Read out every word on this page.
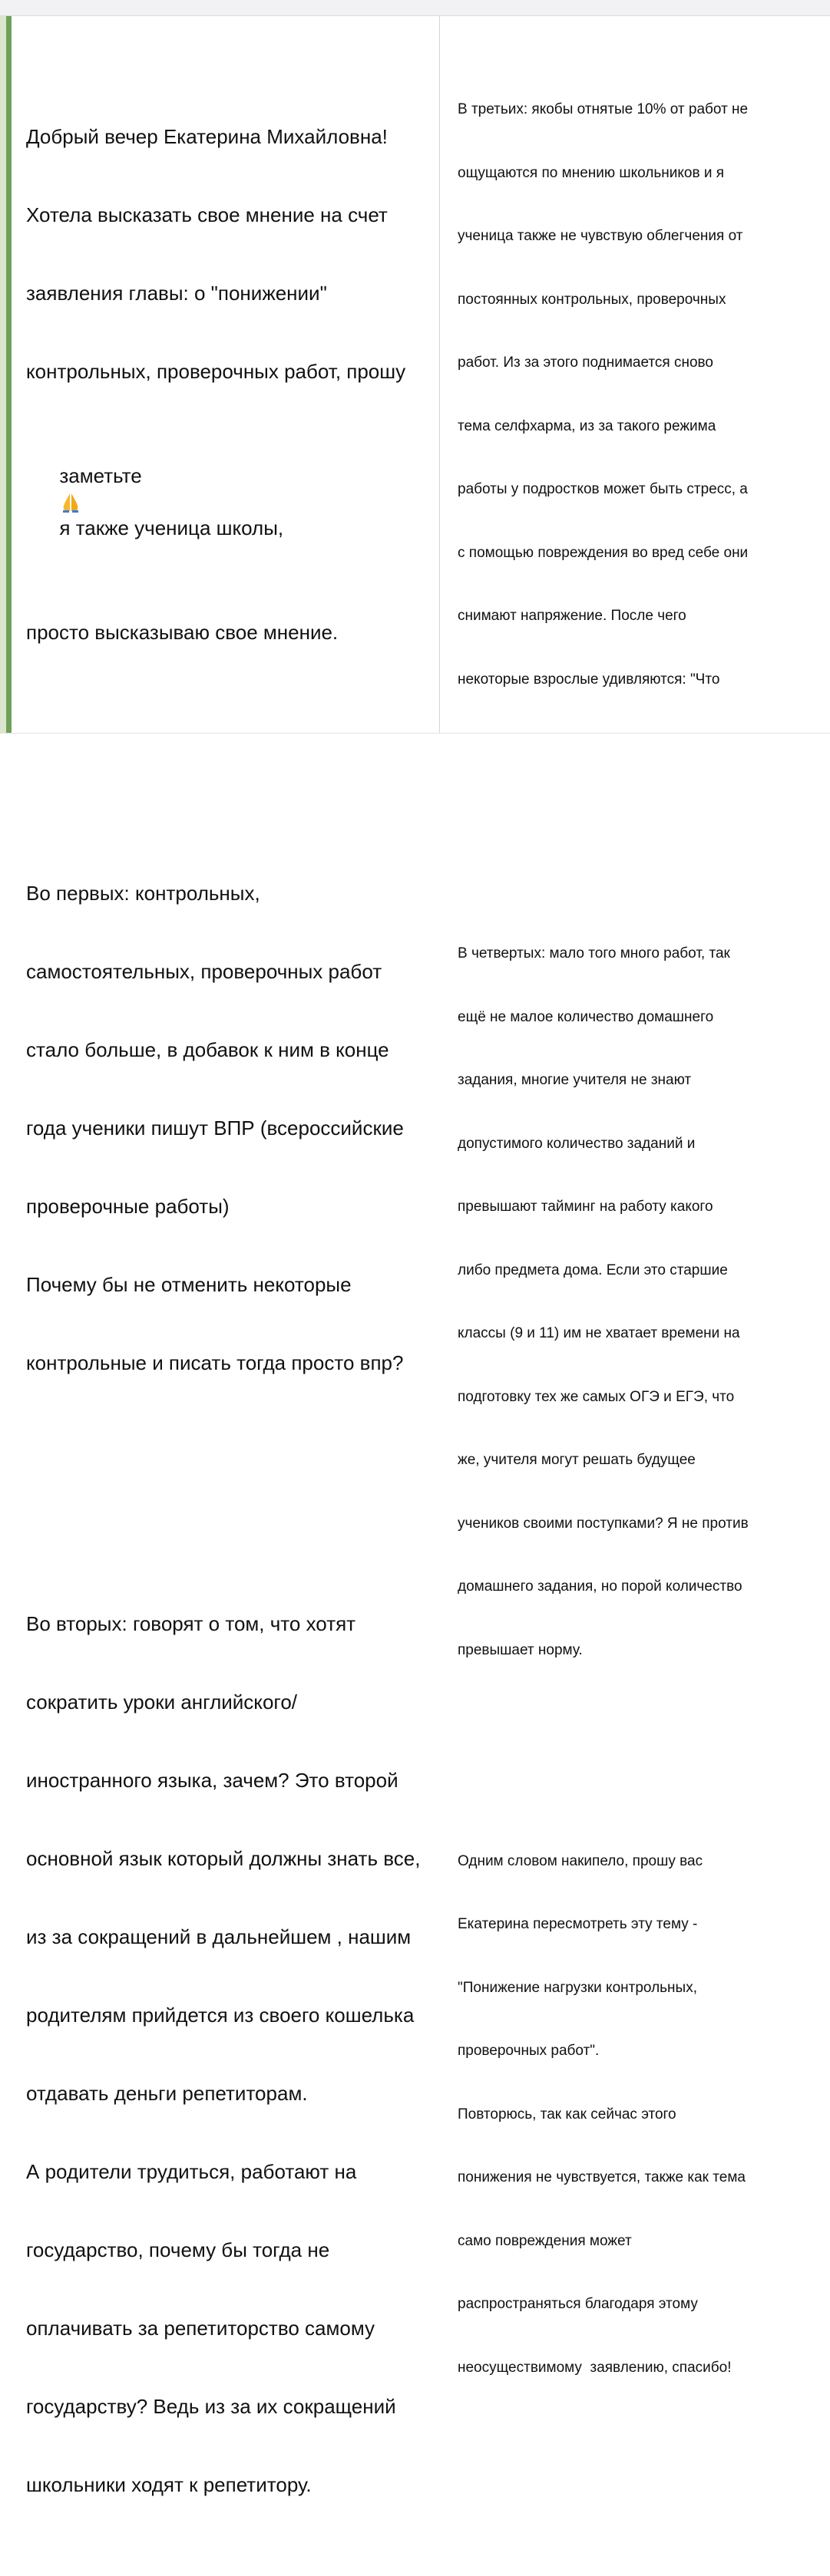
Добрый вечер Екатерина Михайловна!

Хотела высказать свое мнение на счет

заявления главы: о "понижении"

контрольных, проверочных работ, прошу

заметьте

я также ученица школы,

просто высказываю свое мнение.

Во первых: контрольных,

самостоятельных, проверочных работ

стало больше, в добавок к ним в конце

года ученики пишут ВПР (всероссийские

проверочные работы)

Почему бы не отменить некоторые

контрольные и писать тогда просто впр?

Во вторых: говорят о том, что хотят

сократить уроки английского/

иностранного языка, зачем? Это второй

основной язык который должны знать все,

из за сокращений в дальнейшем , нашим

родителям прийдется из своего кошелька

отдавать деньги репетиторам.

А родители трудиться, работают на

государство, почему бы тогда не

оплачивать за репетиторство самому

государству? Ведь из за их сокращений

школьники ходят к репетитору.

В третьих: якобы отнятые 10% от работ не

ощущаются по мнению школьников и я

ученица также не чувствую облегчения от

постоянных контрольных, проверочных

работ. Из за этого поднимается сново

тема селфхарма, из за такого режима

работы у подростков может быть стресс, а

с помощью повреждения во вред себе они

снимают напряжение. После чего

некоторые взрослые удивляются: "Что

В четвертых: мало того много работ, так

ещё не малое количество домашнего

задания, многие учителя не знают

допустимого количество заданий и

превышают тайминг на работу какого

либо предмета дома. Если это старшие

классы (9 и 11) им не хватает времени на

подготовку тех же самых ОГЭ и ЕГЭ, что

же, учителя могут решать будущее

учеников своими поступками? Я не против

домашнего задания, но порой количество

превышает норму.

Одним словом накипело, прошу вас

Екатерина пересмотреть эту тему -

"Понижение нагрузки контрольных,

проверочных работ".

Повторюсь, так как сейчас этого

понижения не чувствуется, также как тема

само повреждения может

распространяться благодаря этому

неосуществимому  заявлению, спасибо!
